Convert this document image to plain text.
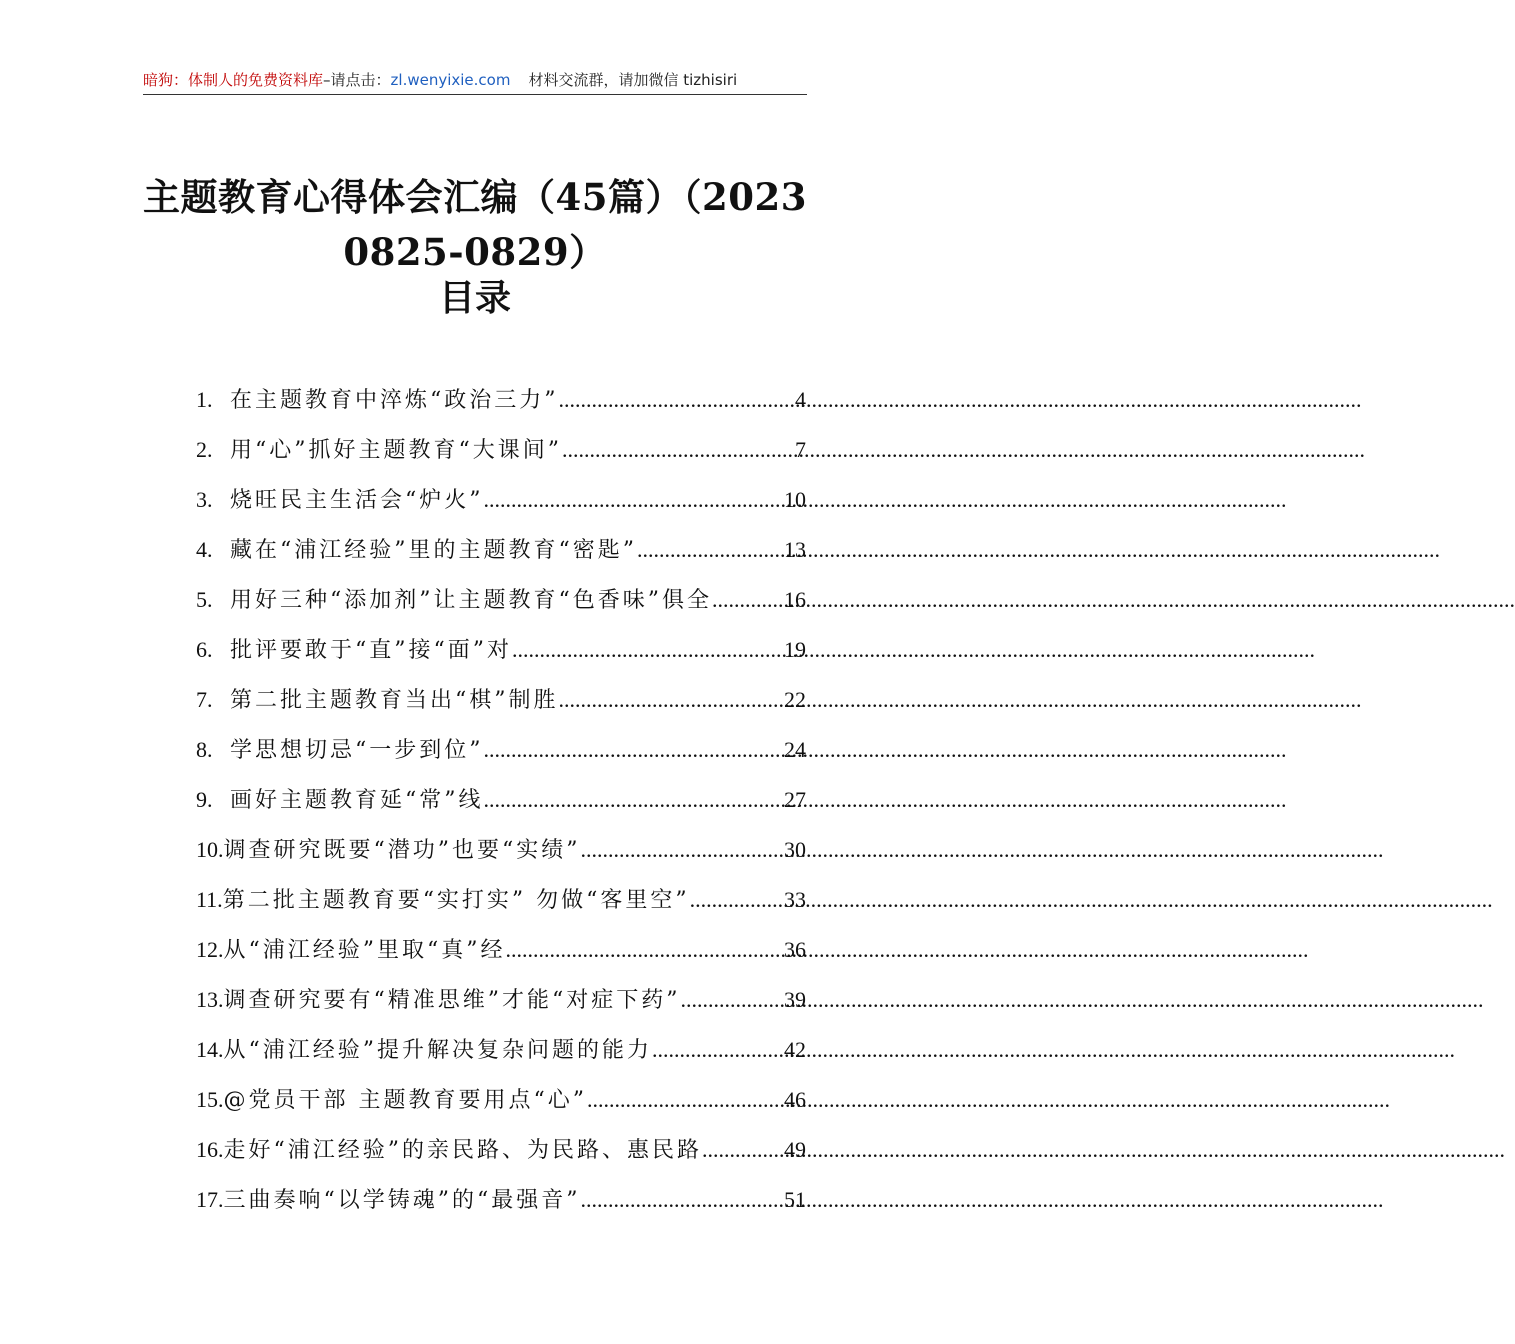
暗狗：体制人的免费资料库 –请点击： zl.wenyixie.com 材料交流群，请加微信 tizhisiri
主题教育心得体会汇编（45篇）（20230825-0829）
目录
1. 在主题教育中淬炼“政治三力” .....	4
2. 用“心”抓好主题教育“大课间” .....	7
3. 烧旺民主生活会“炉火” .....	10
4. 藏在“浦江经验”里的主题教育“密匙” .....	13
5. 用好三种“添加剂”让主题教育“色香味”俱全 .....	16
6. 批评要敢于“直”接“面”对 .....	19
7. 第二批主题教育当出“棋”制胜 .....	22
8. 学思想切忌“一步到位” .....	24
9. 画好主题教育延“常”线 .....	27
10. 调查研究既要“潜功”也要“实绩” .....	30
11. 第二批主题教育要“实打实” 勿做“客里空” .....	33
12. 从“浦江经验”里取“真”经 .....	36
13. 调查研究要有“精准思维”才能“对症下药” .....	39
14. 从“浦江经验”提升解决复杂问题的能力 .....	42
15. @党员干部 主题教育要用点“心” .....	46
16. 走好“浦江经验”的亲民路、为民路、惠民路 .....	49
17. 三曲奏响“以学铸魂”的“最强音” .....	51
